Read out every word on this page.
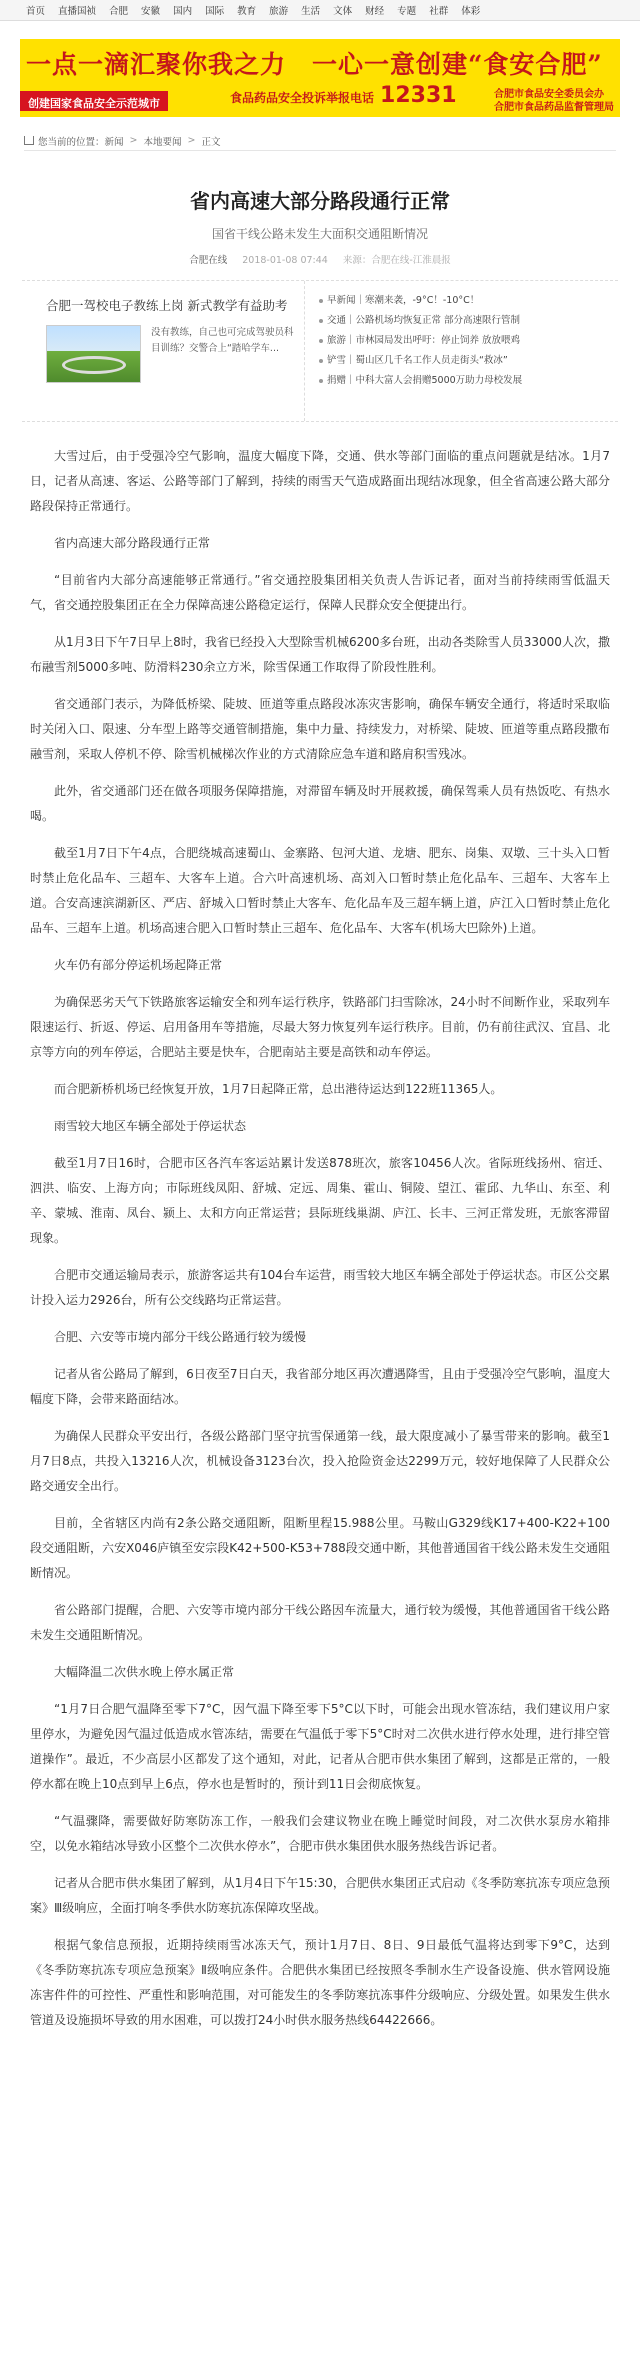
首页 直播国祯 合肥 安徽 国内 国际 教育 旅游 生活 文体 财经 专题 社群 体彩
一点一滴汇聚你我之力　一心一意创建“食安合肥”
创建国家食品安全示范城市	食品药品安全投诉举报电话 12331	合肥市食品安全委员会办
合肥市食品药品监督管理局
您当前的位置： 新闻 > 本地要闻 > 正文
省内高速大部分路段通行正常
国省干线公路未发生大面积交通阻断情况
合肥在线 2018-01-08 07:44 来源：合肥在线-江淮晨报
合肥一驾校电子教练上岗 新式教学有益助考
没有教练，自己也可完成驾驶员科目训练？交警合上“踏哈学车...
早新闻｜寒潮来袭，-9°C！-10°C！
交通｜公路机场均恢复正常 部分高速限行管制
旅游｜市林园局发出呼吁：停止饲养 放放喂鸡
铲雪｜蜀山区几千名工作人员走街头“救冰”
捐赠｜中科大富人会捐赠5000万助力母校发展

大雪过后，由于受强冷空气影响，温度大幅度下降，交通、供水等部门面临的重点问题就是结冰。1月7日，记者从高速、客运、公路等部门了解到，持续的雨雪天气造成路面出现结冰现象，但全省高速公路大部分路段保持正常通行。

省内高速大部分路段通行正常

“目前省内大部分高速能够正常通行。”省交通控股集团相关负责人告诉记者，面对当前持续雨雪低温天气，省交通控股集团正在全力保障高速公路稳定运行，保障人民群众安全便捷出行。

从1月3日下午7日早上8时，我省已经投入大型除雪机械6200多台班，出动各类除雪人员33000人次，撒布融雪剂5000多吨、防滑料230余立方米，除雪保通工作取得了阶段性胜利。

省交通部门表示，为降低桥梁、陡坡、匝道等重点路段冰冻灾害影响，确保车辆安全通行，将适时采取临时关闭入口、限速、分车型上路等交通管制措施，集中力量、持续发力，对桥梁、陡坡、匝道等重点路段撒布融雪剂，采取人停机不停、除雪机械梯次作业的方式清除应急车道和路肩积雪残冰。

此外，省交通部门还在做各项服务保障措施，对滞留车辆及时开展救援，确保驾乘人员有热饭吃、有热水喝。

截至1月7日下午4点，合肥绕城高速蜀山、金寨路、包河大道、龙塘、肥东、岗集、双墩、三十头入口暂时禁止危化品车、三超车、大客车上道。合六叶高速机场、高刘入口暂时禁止危化品车、三超车、大客车上道。合安高速滨湖新区、严店、舒城入口暂时禁止大客车、危化品车及三超车辆上道，庐江入口暂时禁止危化品车、三超车上道。机场高速合肥入口暂时禁止三超车、危化品车、大客车(机场大巴除外)上道。

火车仍有部分停运机场起降正常

为确保恶劣天气下铁路旅客运输安全和列车运行秩序，铁路部门扫雪除冰，24小时不间断作业，采取列车限速运行、折返、停运、启用备用车等措施，尽最大努力恢复列车运行秩序。目前，仍有前往武汉、宜昌、北京等方向的列车停运，合肥站主要是快车，合肥南站主要是高铁和动车停运。

而合肥新桥机场已经恢复开放，1月7日起降正常，总出港待运达到122班11365人。

雨雪较大地区车辆全部处于停运状态

截至1月7日16时，合肥市区各汽车客运站累计发送878班次，旅客10456人次。省际班线扬州、宿迁、泗洪、临安、上海方向；市际班线凤阳、舒城、定远、周集、霍山、铜陵、望江、霍邱、九华山、东至、利辛、蒙城、淮南、凤台、颍上、太和方向正常运营；县际班线巢湖、庐江、长丰、三河正常发班，无旅客滞留现象。

合肥市交通运输局表示，旅游客运共有104台车运营，雨雪较大地区车辆全部处于停运状态。市区公交累计投入运力2926台，所有公交线路均正常运营。

合肥、六安等市境内部分干线公路通行较为缓慢

记者从省公路局了解到，6日夜至7日白天，我省部分地区再次遭遇降雪，且由于受强冷空气影响，温度大幅度下降，会带来路面结冰。

为确保人民群众平安出行，各级公路部门坚守抗雪保通第一线，最大限度减小了暴雪带来的影响。截至1月7日8点，共投入13216人次，机械设备3123台次，投入抢险资金达2299万元，较好地保障了人民群众公路交通安全出行。

目前，全省辖区内尚有2条公路交通阻断，阻断里程15.988公里。马鞍山G329线K17+400-K22+100段交通阻断，六安X046庐镇至安宗段K42+500-K53+788段交通中断，其他普通国省干线公路未发生交通阻断情况。

省公路部门提醒，合肥、六安等市境内部分干线公路因车流量大，通行较为缓慢，其他普通国省干线公路未发生交通阻断情况。

大幅降温二次供水晚上停水属正常

“1月7日合肥气温降至零下7°C，因气温下降至零下5°C以下时，可能会出现水管冻结，我们建议用户家里停水，为避免因气温过低造成水管冻结，需要在气温低于零下5°C时对二次供水进行停水处理，进行排空管道操作”。最近，不少高层小区都发了这个通知，对此，记者从合肥市供水集团了解到，这都是正常的，一般停水都在晚上10点到早上6点，停水也是暂时的，预计到11日会彻底恢复。

“气温骤降，需要做好防寒防冻工作，一般我们会建议物业在晚上睡觉时间段，对二次供水泵房水箱排空，以免水箱结冰导致小区整个二次供水停水”，合肥市供水集团供水服务热线告诉记者。

记者从合肥市供水集团了解到，从1月4日下午15:30，合肥供水集团正式启动《冬季防寒抗冻专项应急预案》Ⅲ级响应，全面打响冬季供水防寒抗冻保障攻坚战。

根据气象信息预报，近期持续雨雪冰冻天气，预计1月7日、8日、9日最低气温将达到零下9°C，达到《冬季防寒抗冻专项应急预案》Ⅱ级响应条件。合肥供水集团已经按照冬季制水生产设备设施、供水管网设施冻害件件的可控性、严重性和影响范围，对可能发生的冬季防寒抗冻事件分级响应、分级处置。如果发生供水管道及设施损坏导致的用水困难，可以拨打24小时供水服务热线64422666。
